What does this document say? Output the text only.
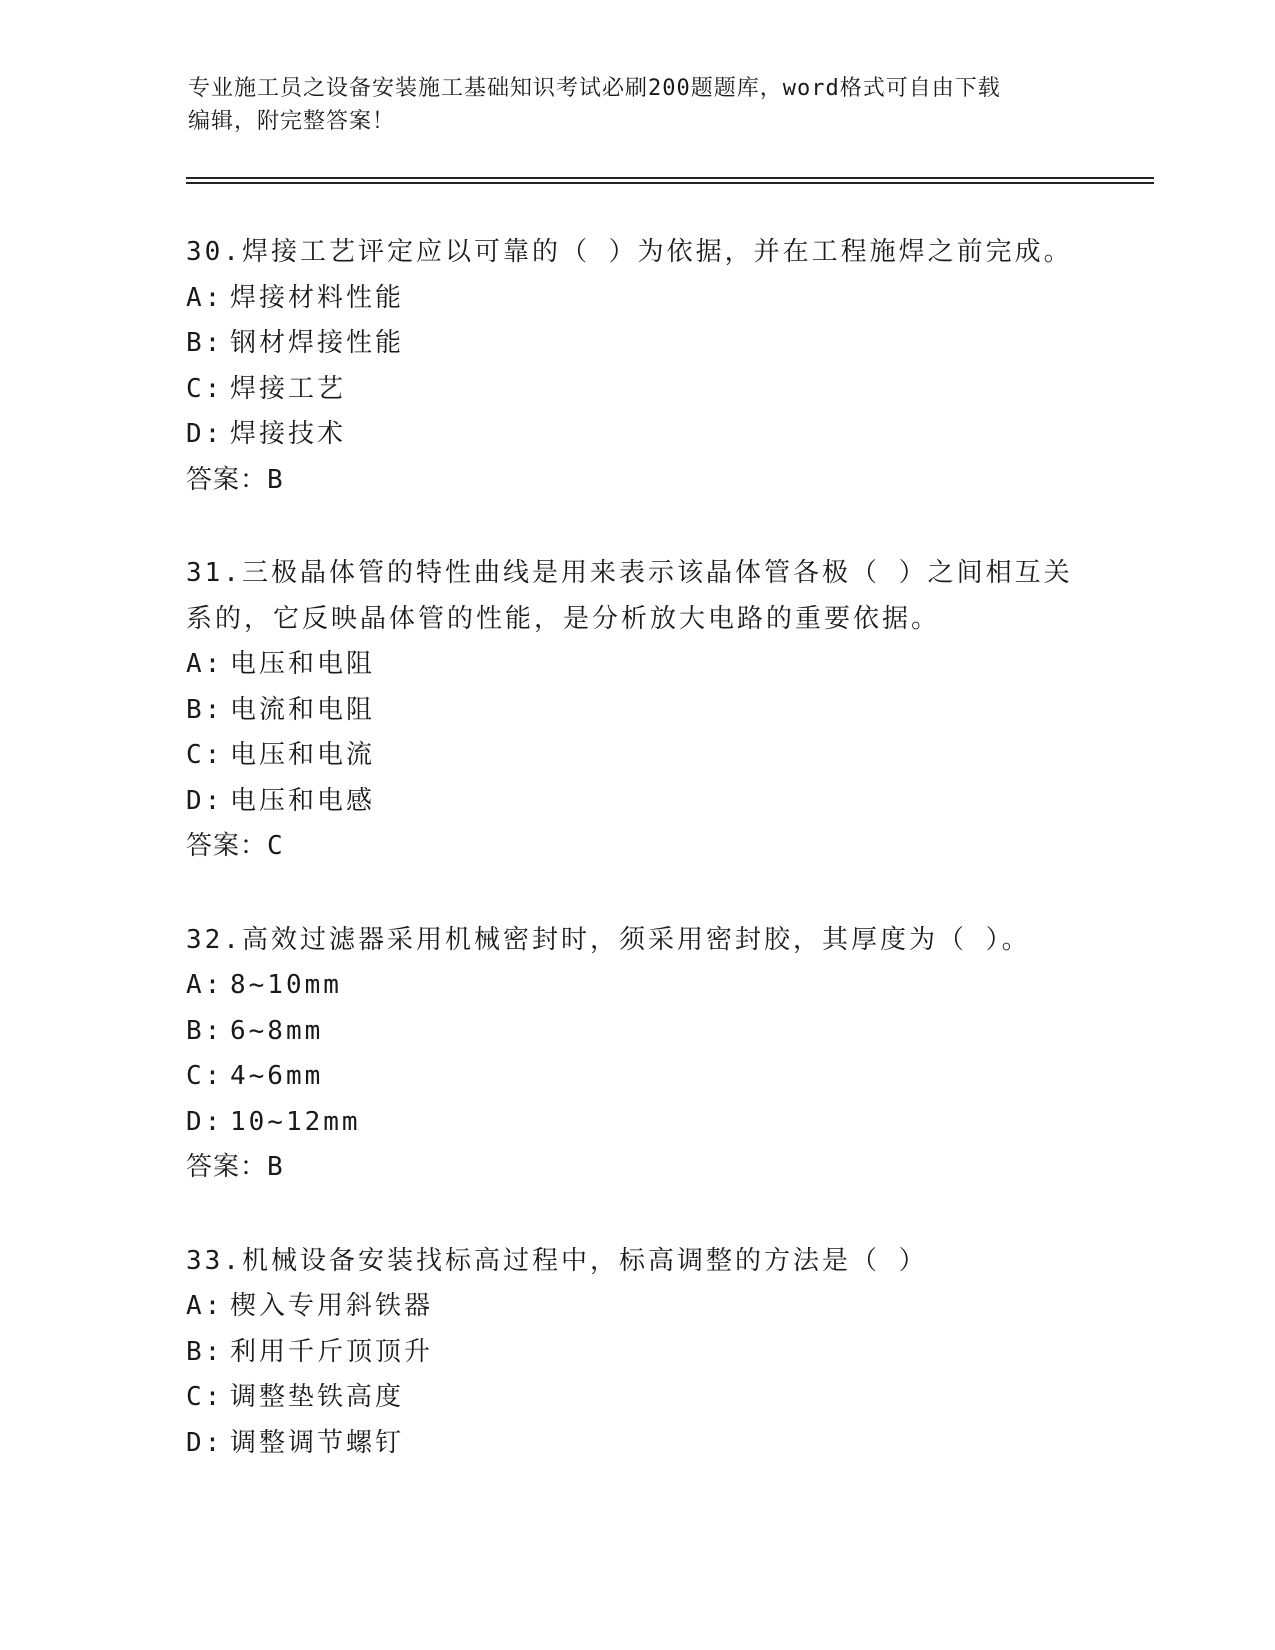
专业施工员之设备安装施工基础知识考试必刷200题题库，word格式可自由下载
编辑，附完整答案！
30.焊接工艺评定应以可靠的（ ）为依据，并在工程施焊之前完成。
A: 焊接材料性能
B: 钢材焊接性能
C: 焊接工艺
D: 焊接技术
答案：B
31.三极晶体管的特性曲线是用来表示该晶体管各极（ ）之间相互关系的，它反映晶体管的性能，是分析放大电路的重要依据。
A: 电压和电阻
B: 电流和电阻
C: 电压和电流
D: 电压和电感
答案：C
32.高效过滤器采用机械密封时，须采用密封胶，其厚度为（ ）。
A: 8~10mm
B: 6~8mm
C: 4~6mm
D: 10~12mm
答案：B
33.机械设备安装找标高过程中，标高调整的方法是（ ）
A: 楔入专用斜铁器
B: 利用千斤顶顶升
C: 调整垫铁高度
D: 调整调节螺钉
